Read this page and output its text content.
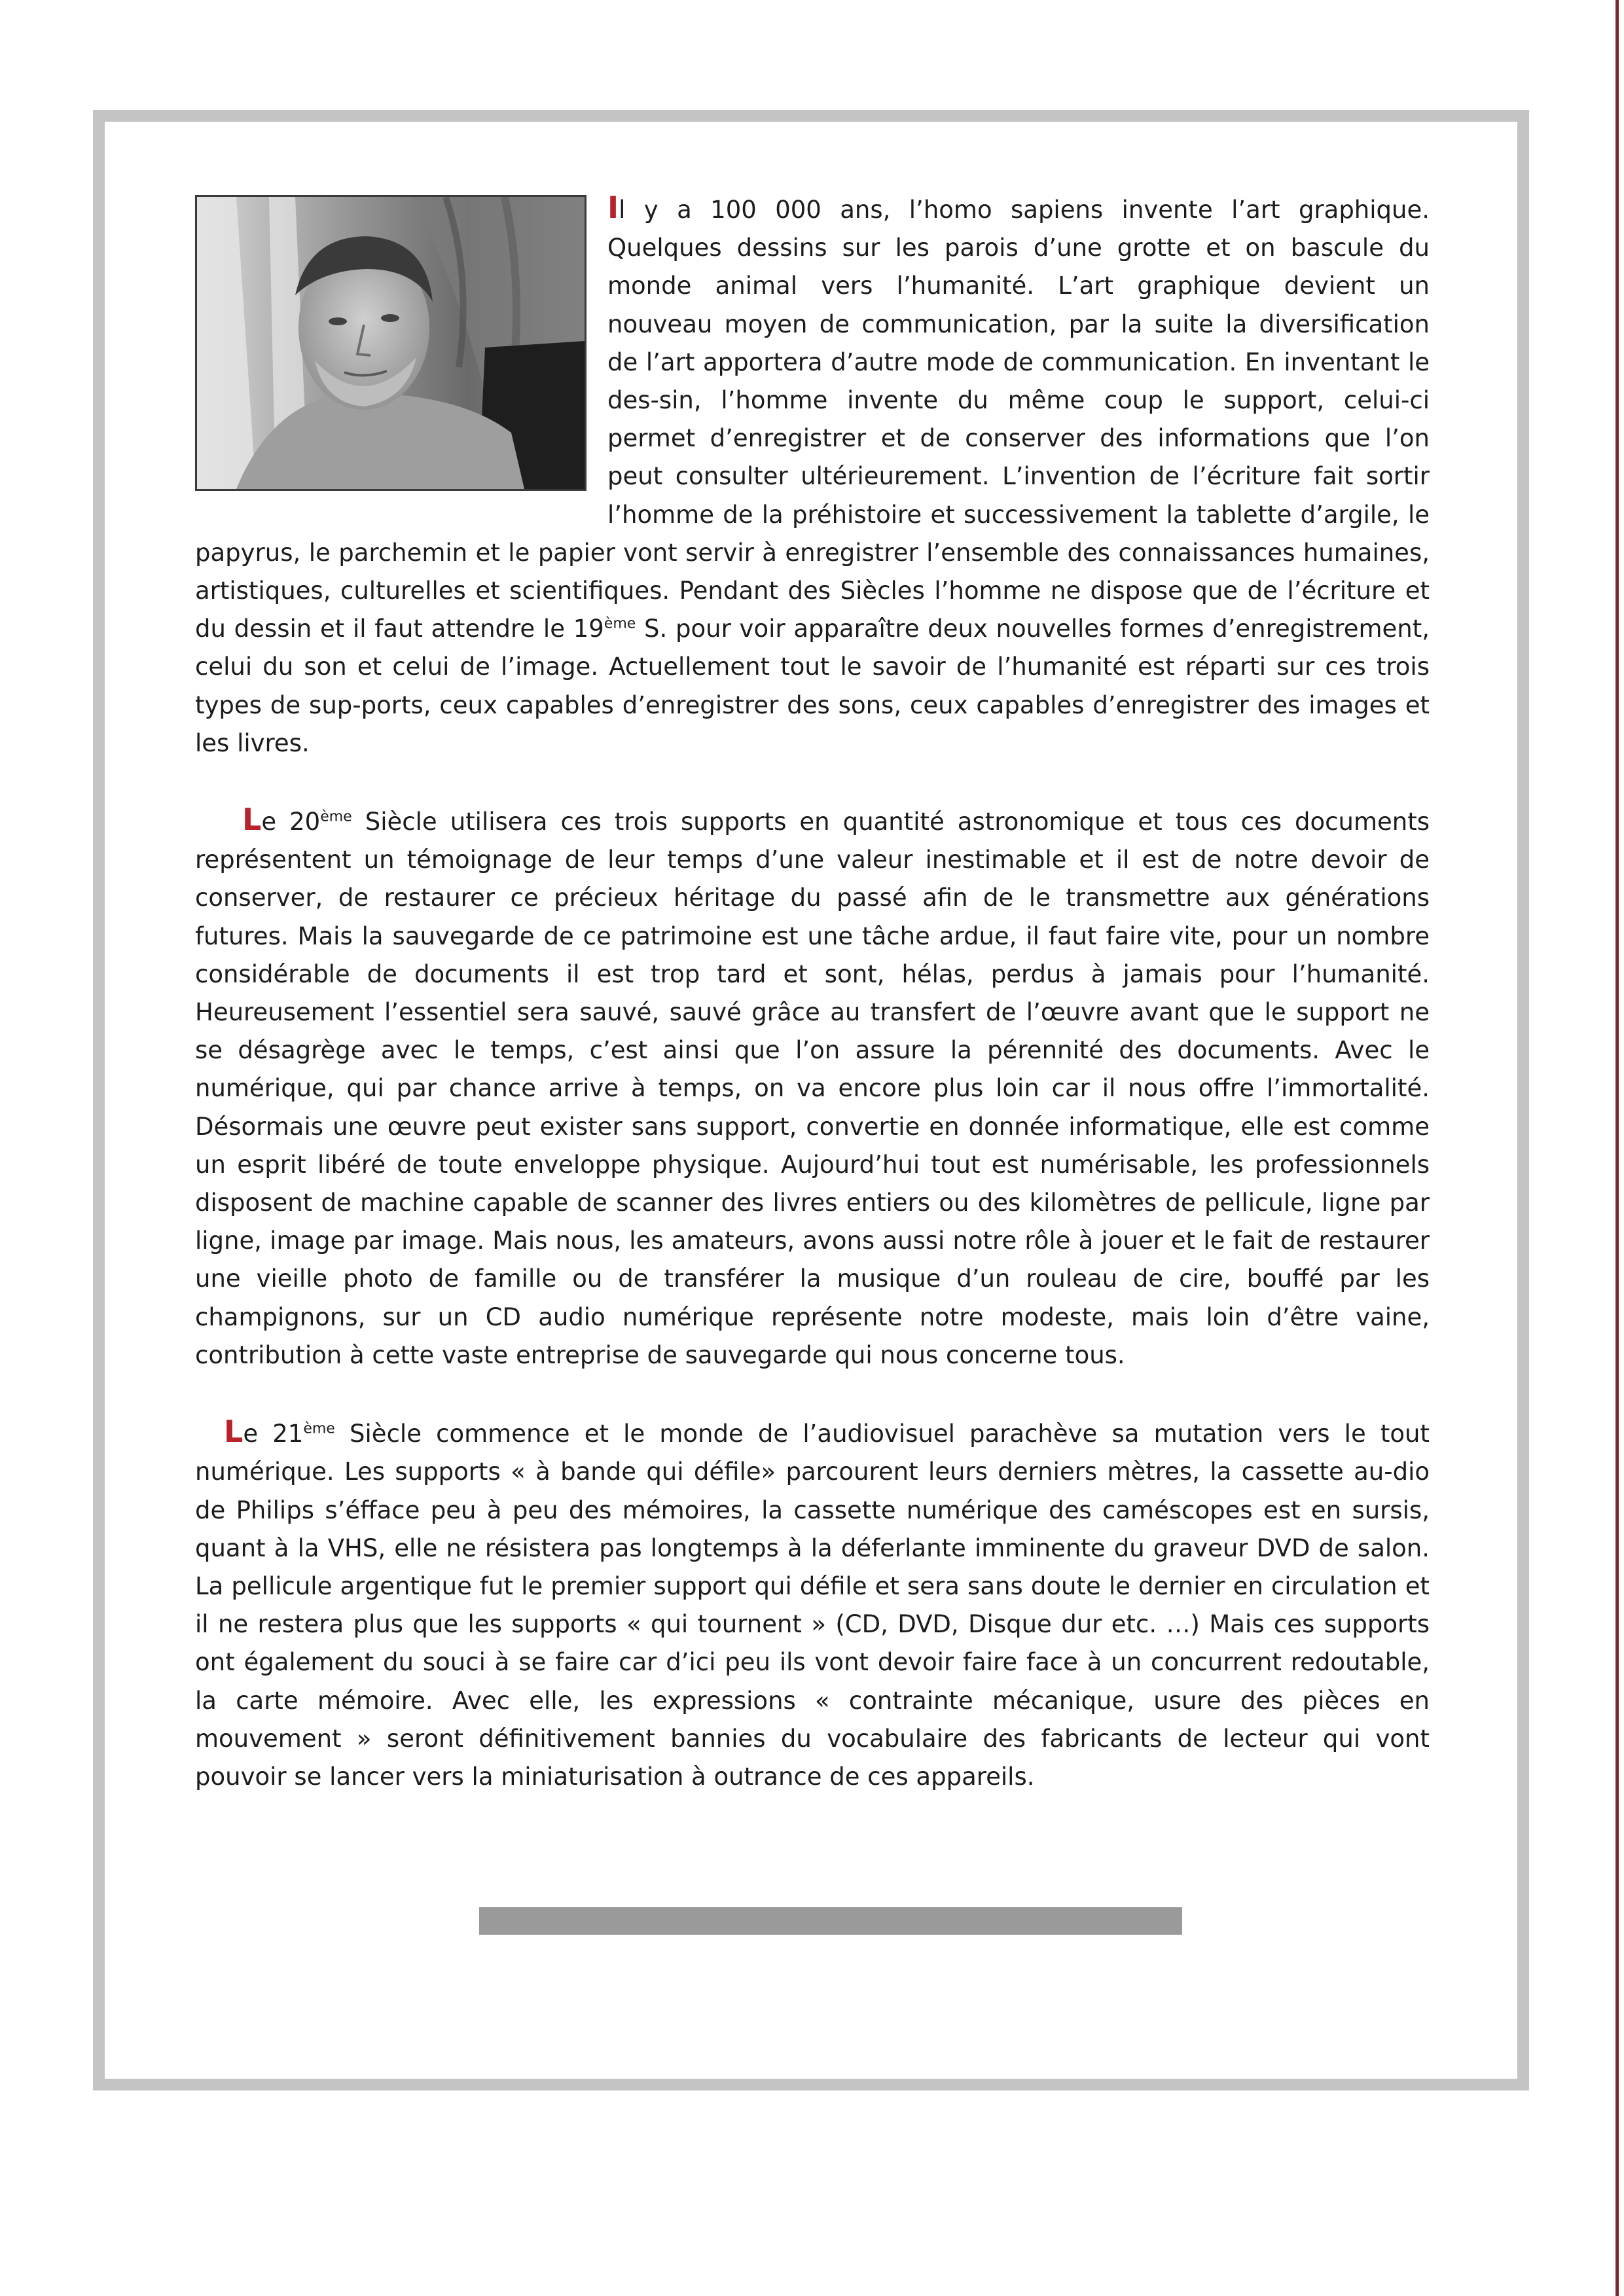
Il y a 100 000 ans, l’homo sapiens invente l’art graphique. Quelques dessins sur les parois d’une grotte et on bascule du monde animal vers l’humanité. L’art graphique devient un nouveau moyen de communication, par la suite la diversification de l’art apportera d’autre mode de communication. En inventant le des-sin, l’homme invente du même coup le support, celui-ci permet d’enregistrer et de conserver des informations que l’on peut consulter ultérieurement. L’invention de l’écriture fait sortir l’homme de la préhistoire et successivement la tablette d’argile, le papyrus, le parchemin et le papier vont servir à enregistrer l’ensemble des connaissances humaines, artistiques, culturelles et scientifiques. Pendant des Siècles l’homme ne dispose que de l’écriture et du dessin et il faut attendre le 19ème S. pour voir apparaître deux nouvelles formes d’enregistrement, celui du son et celui de l’image. Actuellement tout le savoir de l’humanité est réparti sur ces trois types de sup-ports, ceux capables d’enregistrer des sons, ceux capables d’enregistrer des images et les livres.

Le 20ème Siècle utilisera ces trois supports en quantité astronomique et tous ces documents représentent un témoignage de leur temps d’une valeur inestimable et il est de notre devoir de conserver, de restaurer ce précieux héritage du passé afin de le transmettre aux générations futures. Mais la sauvegarde de ce patrimoine est une tâche ardue, il faut faire vite, pour un nombre considérable de documents il est trop tard et sont, hélas, perdus à jamais pour l’humanité. Heureusement l’essentiel sera sauvé, sauvé grâce au transfert de l’œuvre avant que le support ne se désagrège avec le temps, c’est ainsi que l’on assure la pérennité des documents. Avec le numérique, qui par chance arrive à temps, on va encore plus loin car il nous offre l’immortalité. Désormais une œuvre peut exister sans support, convertie en donnée informatique, elle est comme un esprit libéré de toute enveloppe physique. Aujourd’hui tout est numérisable, les professionnels disposent de machine capable de scanner des livres entiers ou des kilomètres de pellicule, ligne par ligne, image par image. Mais nous, les amateurs, avons aussi notre rôle à jouer et le fait de restaurer une vieille photo de famille ou de transférer la musique d’un rouleau de cire, bouffé par les champignons, sur un CD audio numérique représente notre modeste, mais loin d’être vaine, contribution à cette vaste entreprise de sauvegarde qui nous concerne tous.

Le 21ème Siècle commence et le monde de l’audiovisuel parachève sa mutation vers le tout numérique. Les supports « à bande qui défile» parcourent leurs derniers mètres, la cassette au-dio de Philips s’éfface peu à peu des mémoires, la cassette numérique des caméscopes est en sursis, quant à la VHS, elle ne résistera pas longtemps à la déferlante imminente du graveur DVD de salon. La pellicule argentique fut le premier support qui défile et sera sans doute le dernier en circulation et il ne restera plus que les supports « qui tournent » (CD, DVD, Disque dur etc. …) Mais ces supports ont également du souci à se faire car d’ici peu ils vont devoir faire face à un concurrent redoutable, la carte mémoire. Avec elle, les expressions « contrainte mécanique, usure des pièces en mouvement » seront définitivement bannies du vocabulaire des fabricants de lecteur qui vont pouvoir se lancer vers la miniaturisation à outrance de ces appareils.
